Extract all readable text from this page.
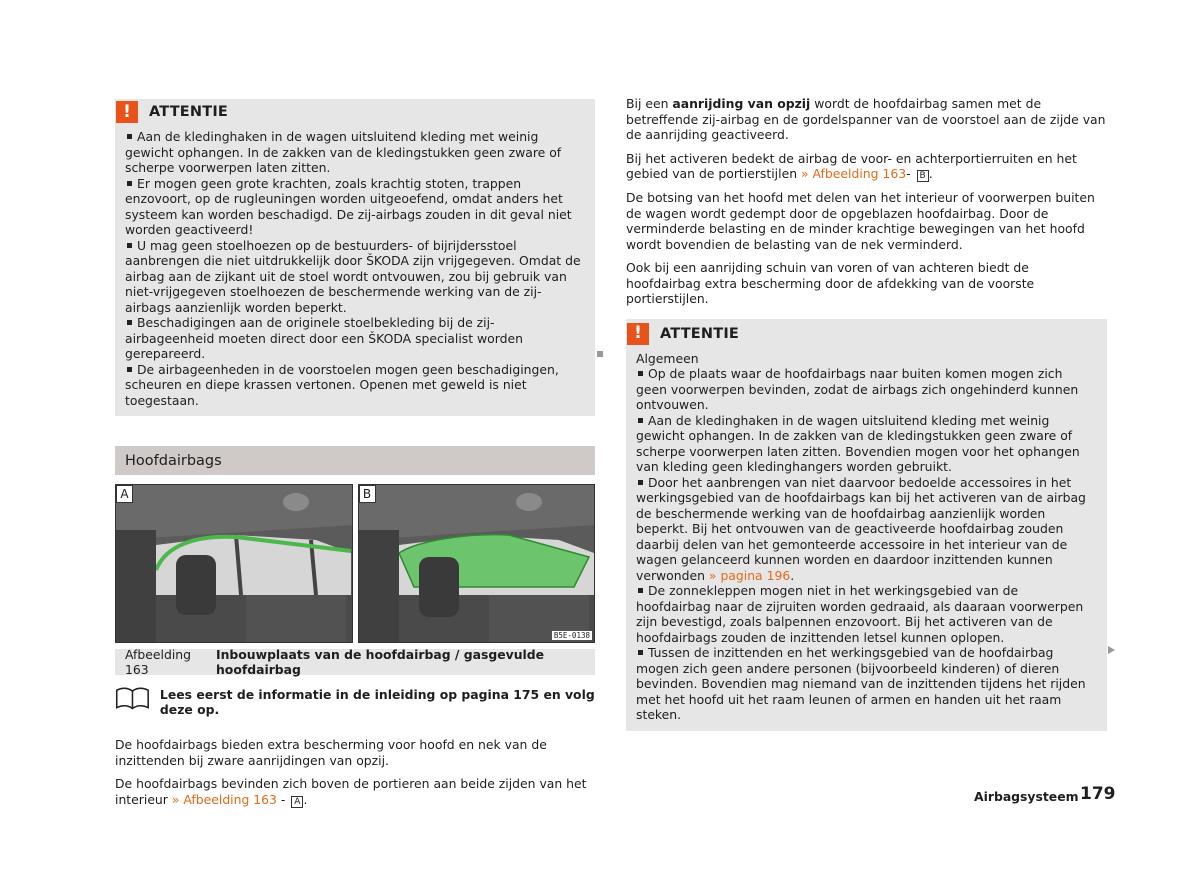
!	ATTENTIE

Aan de kledinghaken in de wagen uitsluitend kleding met weinig gewicht ophangen. In de zakken van de kledingstukken geen zware of scherpe voorwerpen laten zitten.

Er mogen geen grote krachten, zoals krachtig stoten, trappen enzovoort, op de rugleuningen worden uitgeoefend, omdat anders het systeem kan worden beschadigd. De zij-airbags zouden in dit geval niet worden geactiveerd!

U mag geen stoelhoezen op de bestuurders- of bijrijdersstoel aanbrengen die niet uitdrukkelijk door ŠKODA zijn vrijgegeven. Omdat de airbag aan de zijkant uit de stoel wordt ontvouwen, zou bij gebruik van niet-vrijgegeven stoelhoezen de beschermende werking van de zij-airbags aanzienlijk worden beperkt.

Beschadigingen aan de originele stoelbekleding bij de zij-airbageenheid moeten direct door een ŠKODA specialist worden gerepareerd.

De airbageenheden in de voorstoelen mogen geen beschadigingen, scheuren en diepe krassen vertonen. Openen met geweld is niet toegestaan.

Hoofdairbags
A	B
B5E-0138
Afbeelding 163
Inbouwplaats van de hoofdairbag / gasgevulde hoofdairbag
Lees eerst de informatie in de inleiding op pagina 175 en volg deze op.

De hoofdairbags bieden extra bescherming voor hoofd en nek van de inzittenden bij zware aanrijdingen van opzij.

De hoofdairbags bevinden zich boven de portieren aan beide zijden van het interieur » Afbeelding 163 - A .

Bij een aanrijding van opzij wordt de hoofdairbag samen met de betreffende zij-airbag en de gordelspanner van de voorstoel aan de zijde van de aanrijding geactiveerd.

Bij het activeren bedekt de airbag de voor- en achterportierruiten en het gebied van de portierstijlen » Afbeelding 163- B .

De botsing van het hoofd met delen van het interieur of voorwerpen buiten de wagen wordt gedempt door de opgeblazen hoofdairbag. Door de verminderde belasting en de minder krachtige bewegingen van het hoofd wordt bovendien de belasting van de nek verminderd.

Ook bij een aanrijding schuin van voren of van achteren biedt de hoofdairbag extra bescherming door de afdekking van de voorste portierstijlen.

!	ATTENTIE

Algemeen

Op de plaats waar de hoofdairbags naar buiten komen mogen zich geen voorwerpen bevinden, zodat de airbags zich ongehinderd kunnen ontvouwen.

Aan de kledinghaken in de wagen uitsluitend kleding met weinig gewicht ophangen. In de zakken van de kledingstukken geen zware of scherpe voorwerpen laten zitten. Bovendien mogen voor het ophangen van kleding geen kledinghangers worden gebruikt.

Door het aanbrengen van niet daarvoor bedoelde accessoires in het werkingsgebied van de hoofdairbags kan bij het activeren van de airbag de beschermende werking van de hoofdairbag aanzienlijk worden beperkt. Bij het ontvouwen van de geactiveerde hoofdairbag zouden daarbij delen van het gemonteerde accessoire in het interieur van de wagen gelanceerd kunnen worden en daardoor inzittenden kunnen verwonden » pagina 196.

De zonnekleppen mogen niet in het werkingsgebied van de hoofdairbag naar de zijruiten worden gedraaid, als daaraan voorwerpen zijn bevestigd, zoals balpennen enzovoort. Bij het activeren van de hoofdairbags zouden de inzittenden letsel kunnen oplopen.

Tussen de inzittenden en het werkingsgebied van de hoofdairbag mogen zich geen andere personen (bijvoorbeeld kinderen) of dieren bevinden. Bovendien mag niemand van de inzittenden tijdens het rijden met het hoofd uit het raam leunen of armen en handen uit het raam steken.

Airbagsysteem 179
